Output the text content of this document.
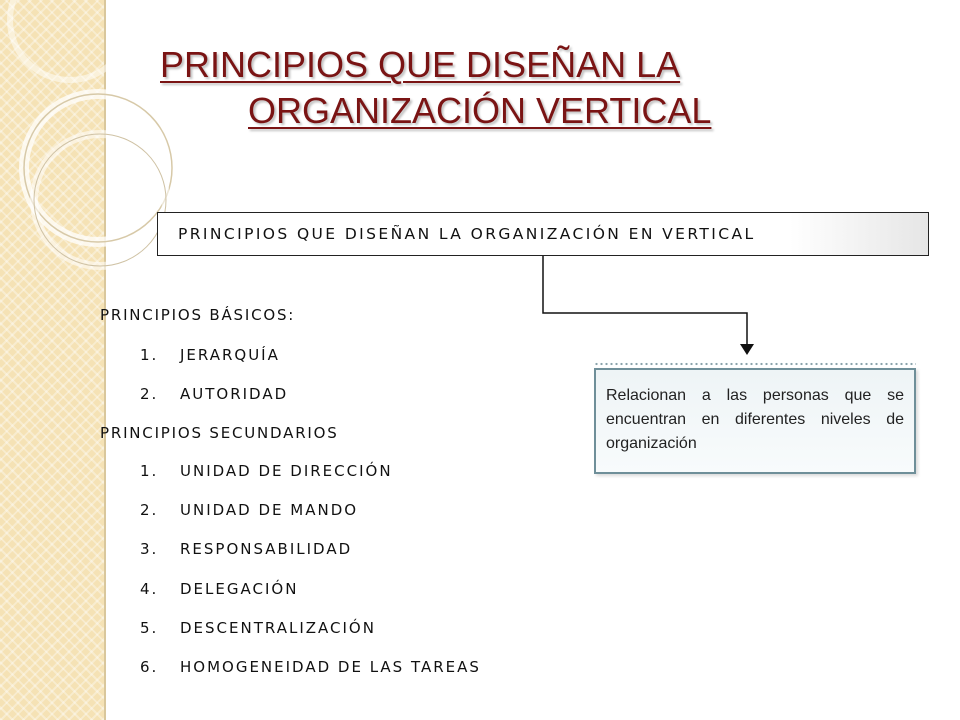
PRINCIPIOS QUE DISEÑAN LA
ORGANIZACIÓN VERTICAL
PRINCIPIOS QUE DISEÑAN LA ORGANIZACIÓN EN VERTICAL

Relacionan a las personas que se encuentran en diferentes niveles de organización

PRINCIPIOS BÁSICOS:
1.	JERARQUÍA
2.	AUTORIDAD
PRINCIPIOS SECUNDARIOS
1.	UNIDAD DE DIRECCIÓN
2.	UNIDAD DE MANDO
3.	RESPONSABILIDAD
4.	DELEGACIÓN
5.	DESCENTRALIZACIÓN
6.	HOMOGENEIDAD DE LAS TAREAS
